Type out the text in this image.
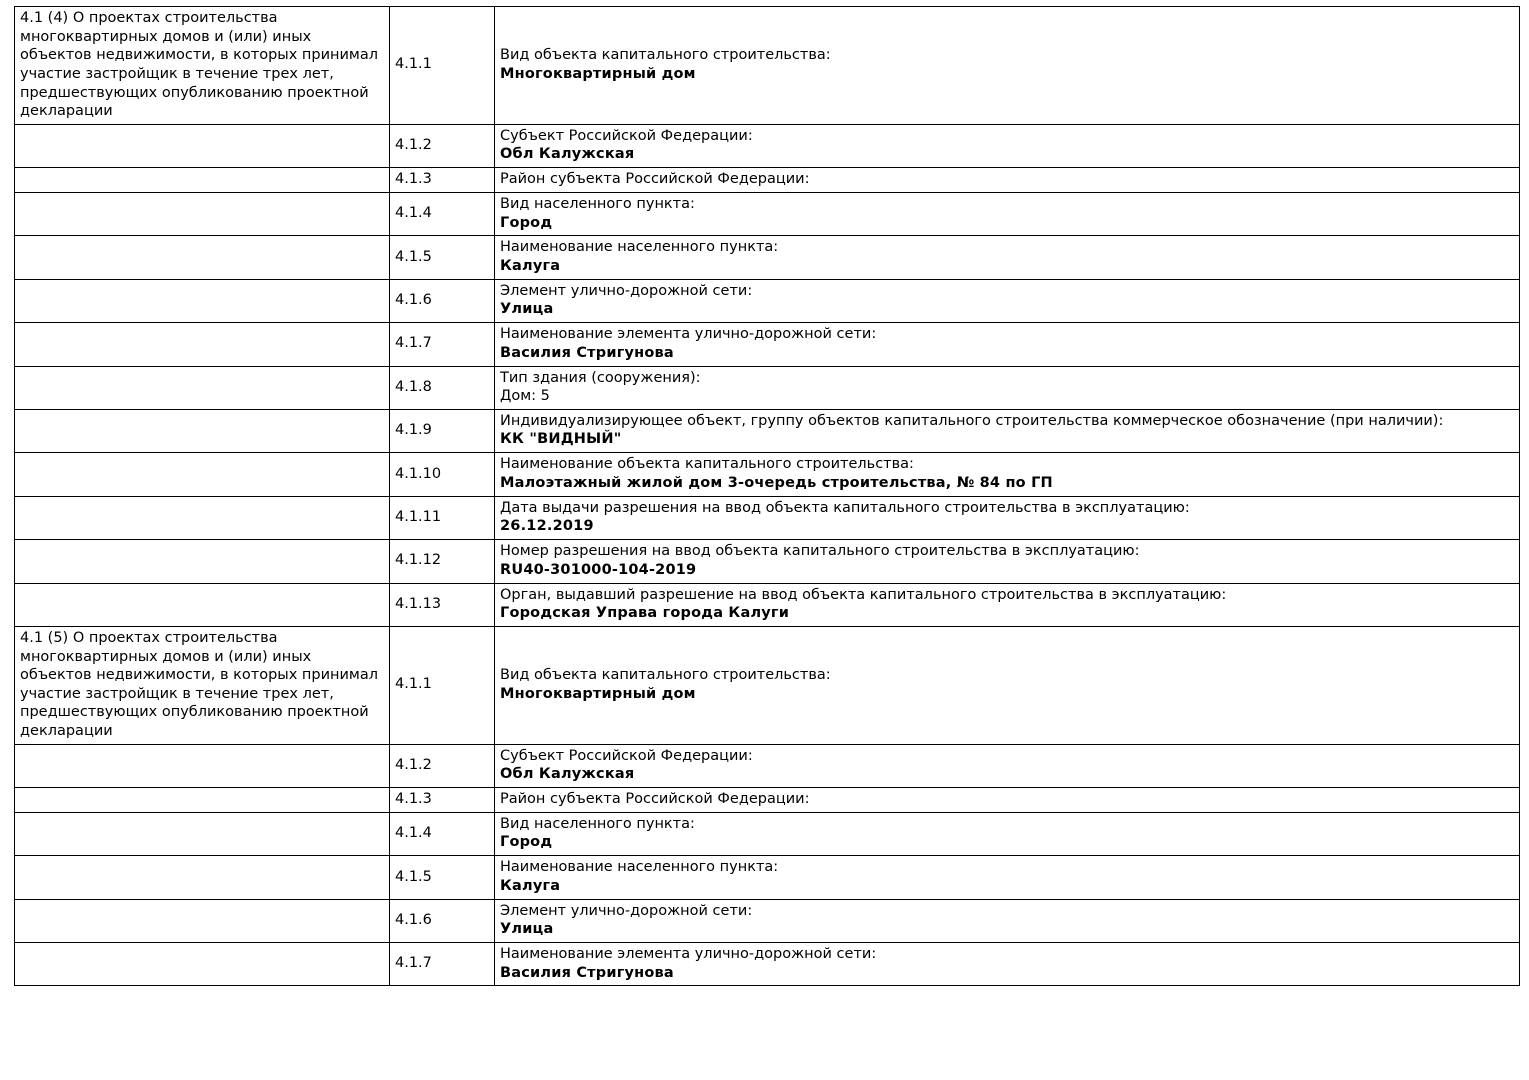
4.1 (4) О проектах строительства многоквартирных домов и (или) иных объектов недвижимости, в которых принимал участие застройщик в течение трех лет, предшествующих опубликованию проектной декларации	4.1.1	Вид объекта капитального строительства:
Многоквартирный дом

	4.1.2	Субъект Российской Федерации:
Обл Калужская

	4.1.3	Район субъекта Российской Федерации:

	4.1.4	Вид населенного пункта:
Город

	4.1.5	Наименование населенного пункта:
Калуга

	4.1.6	Элемент улично-дорожной сети:
Улица

	4.1.7	Наименование элемента улично-дорожной сети:
Василия Стригунова

	4.1.8	Тип здания (сооружения):
Дом: 5

	4.1.9	Индивидуализирующее объект, группу объектов капитального строительства коммерческое обозначение (при наличии):
КК "ВИДНЫЙ"

	4.1.10	Наименование объекта капитального строительства:
Малоэтажный жилой дом 3-очередь строительства, № 84 по ГП

	4.1.11	Дата выдачи разрешения на ввод объекта капитального строительства в эксплуатацию:
26.12.2019

	4.1.12	Номер разрешения на ввод объекта капитального строительства в эксплуатацию:
RU40-301000-104-2019

	4.1.13	Орган, выдавший разрешение на ввод объекта капитального строительства в эксплуатацию:
Городская Управа города Калуги

4.1 (5) О проектах строительства многоквартирных домов и (или) иных объектов недвижимости, в которых принимал участие застройщик в течение трех лет, предшествующих опубликованию проектной декларации	4.1.1	Вид объекта капитального строительства:
Многоквартирный дом

	4.1.2	Субъект Российской Федерации:
Обл Калужская

	4.1.3	Район субъекта Российской Федерации:

	4.1.4	Вид населенного пункта:
Город

	4.1.5	Наименование населенного пункта:
Калуга

	4.1.6	Элемент улично-дорожной сети:
Улица

	4.1.7	Наименование элемента улично-дорожной сети:
Василия Стригунова
